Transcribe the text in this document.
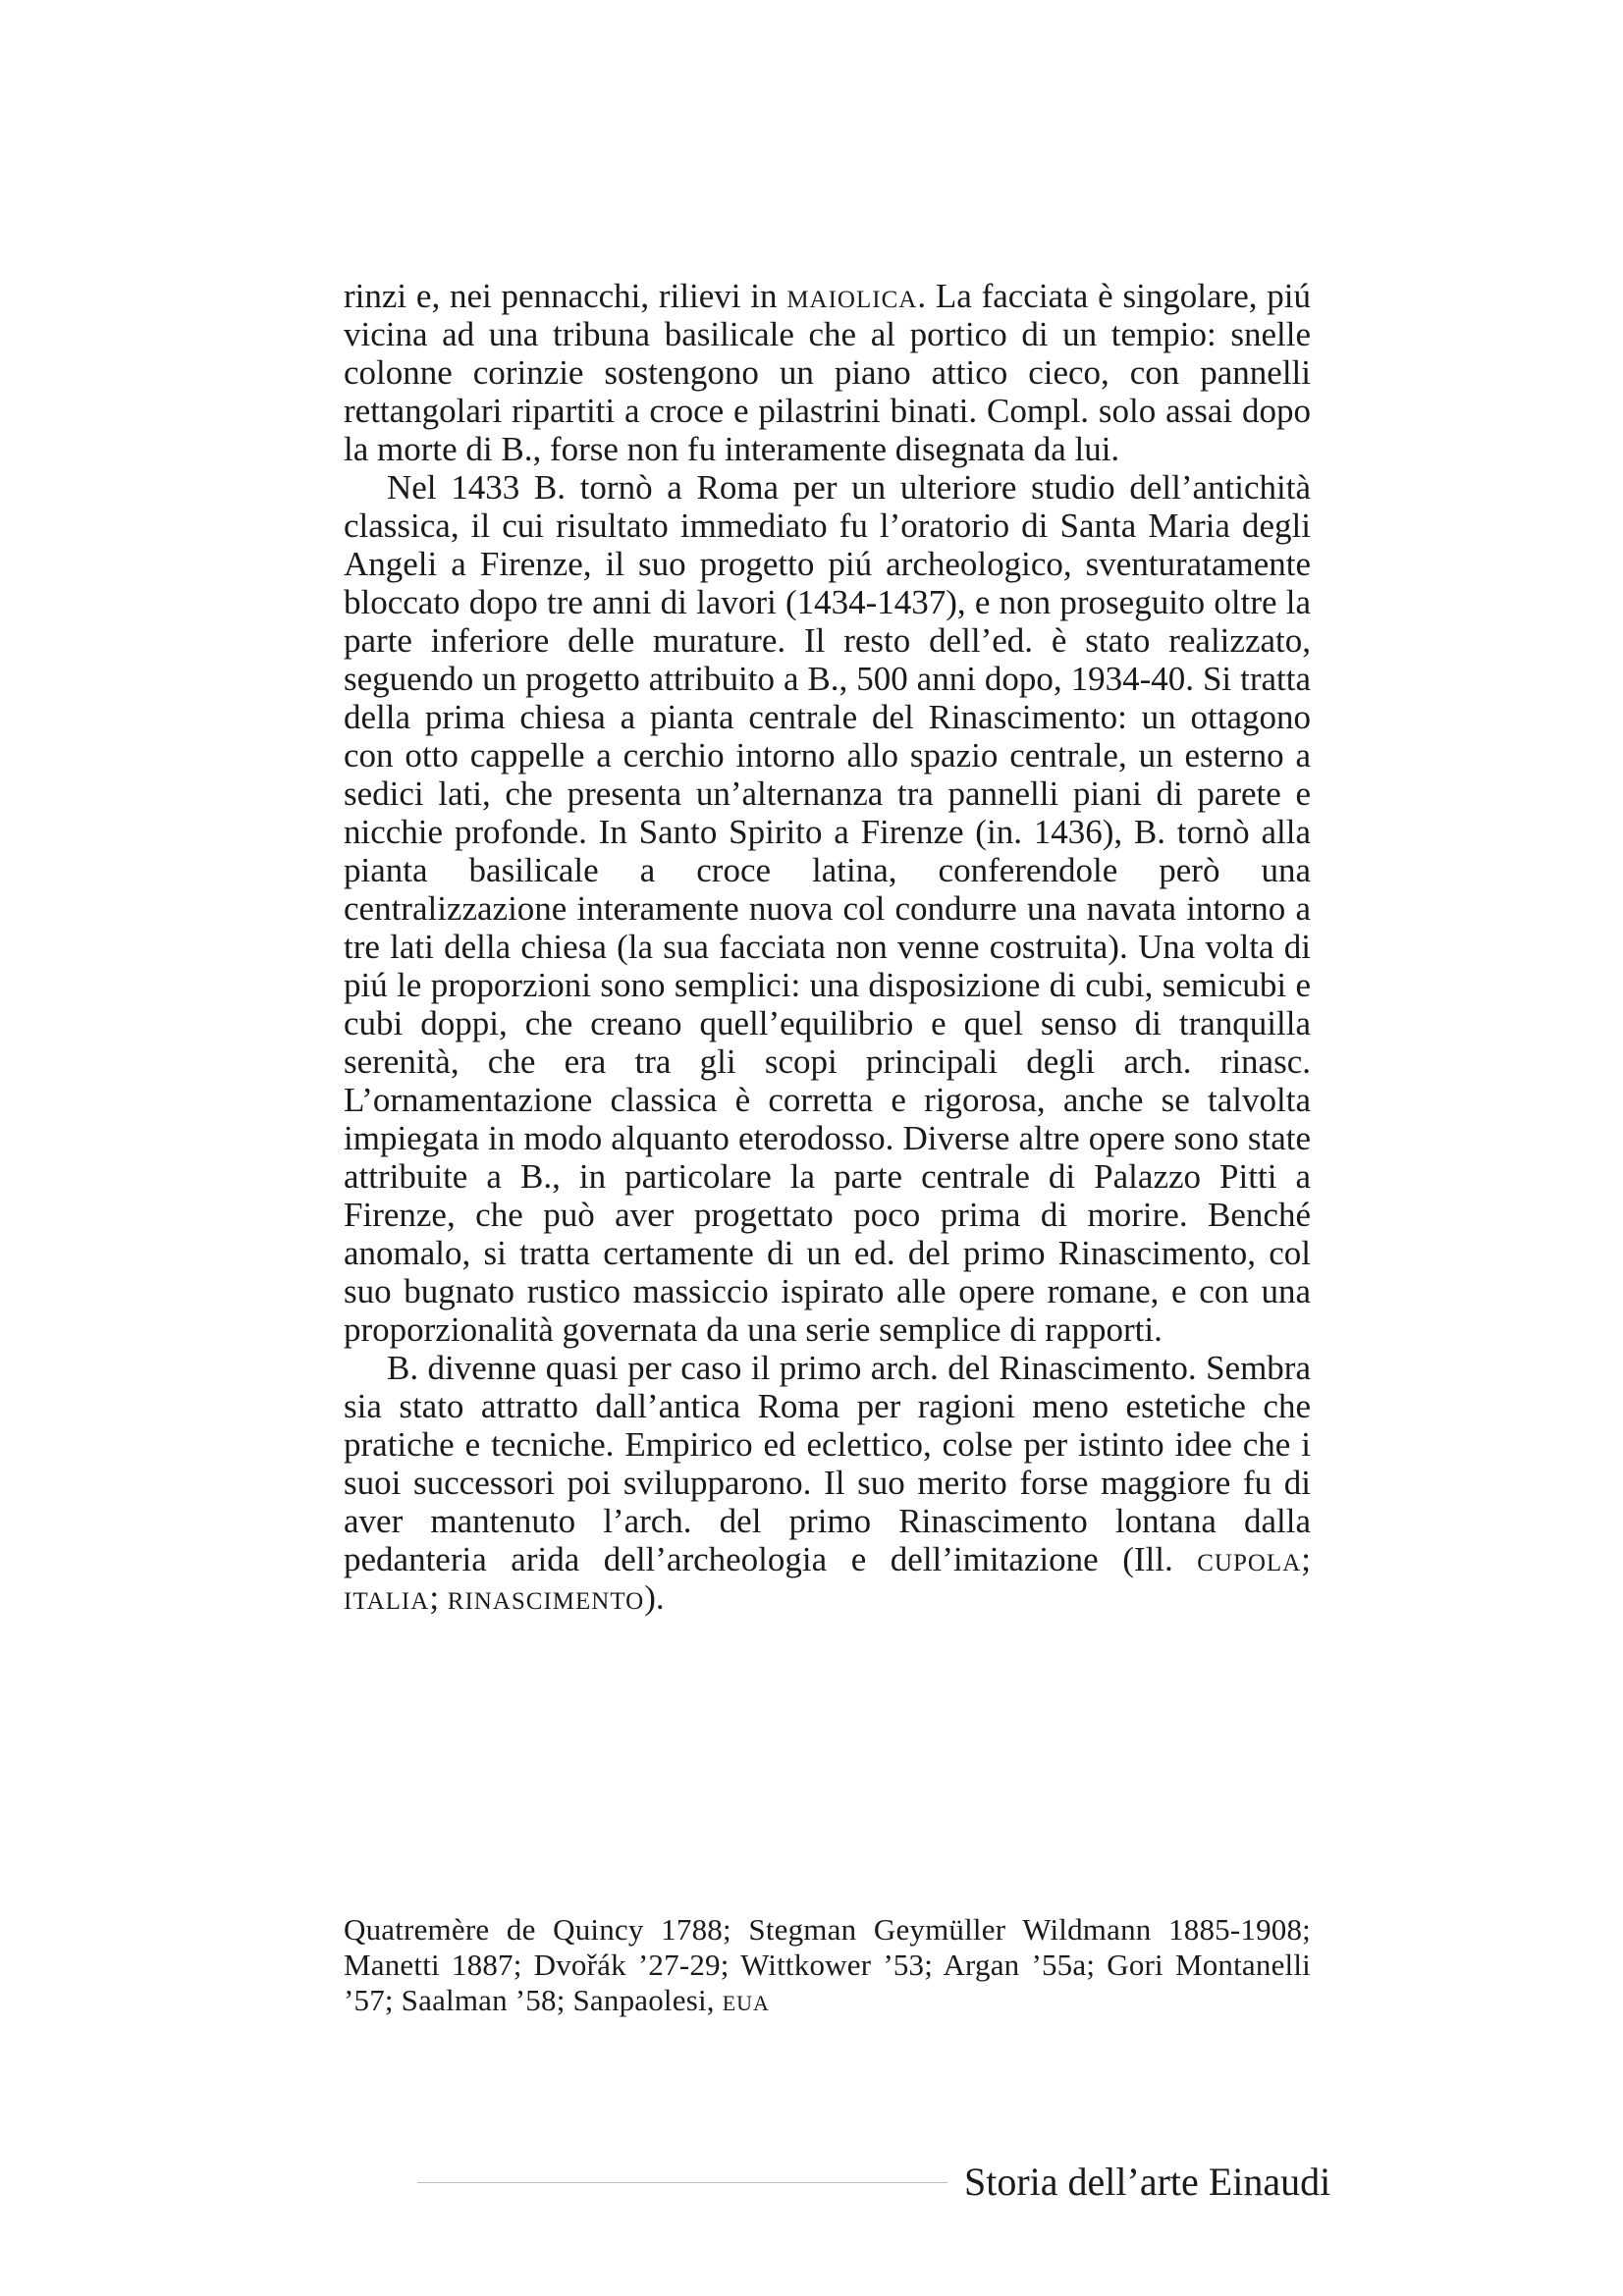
rinzi e, nei pennacchi, rilievi in maiolica. La facciata è singolare, piú vicina ad una tribuna basilicale che al portico di un tempio: snelle colonne corinzie sostengono un piano attico cieco, con pannelli rettangolari ripartiti a croce e pilastrini binati. Compl. solo assai dopo la morte di B., forse non fu interamente disegnata da lui.

Nel 1433 B. tornò a Roma per un ulteriore studio dell’antichità classica, il cui risultato immediato fu l’oratorio di Santa Maria degli Angeli a Firenze, il suo progetto piú archeologico, sventuratamente bloccato dopo tre anni di lavori (1434-1437), e non proseguito oltre la parte inferiore delle murature. Il resto dell’ed. è stato realizzato, seguendo un progetto attribuito a B., 500 anni dopo, 1934-40. Si tratta della prima chiesa a pianta centrale del Rinascimento: un ottagono con otto cappelle a cerchio intorno allo spazio centrale, un esterno a sedici lati, che presenta un’alternanza tra pannelli piani di parete e nicchie profonde. In Santo Spirito a Firenze (in. 1436), B. tornò alla pianta basilicale a croce latina, conferendole però una centralizzazione interamente nuova col condurre una navata intorno a tre lati della chiesa (la sua facciata non venne costruita). Una volta di piú le proporzioni sono semplici: una disposizione di cubi, semicubi e cubi doppi, che creano quell’equilibrio e quel senso di tranquilla serenità, che era tra gli scopi principali degli arch. rinasc. L’ornamentazione classica è corretta e rigorosa, anche se talvolta impiegata in modo alquanto eterodosso. Diverse altre opere sono state attribuite a B., in particolare la parte centrale di Palazzo Pitti a Firenze, che può aver progettato poco prima di morire. Benché anomalo, si tratta certamente di un ed. del primo Rinascimento, col suo bugnato rustico massiccio ispirato alle opere romane, e con una proporzionalità governata da una serie semplice di rapporti.

B. divenne quasi per caso il primo arch. del Rinascimento. Sembra sia stato attratto dall’antica Roma per ragioni meno estetiche che pratiche e tecniche. Empirico ed eclettico, colse per istinto idee che i suoi successori poi svilupparono. Il suo merito forse maggiore fu di aver mantenuto l’arch. del primo Rinascimento lontana dalla pedanteria arida dell’archeologia e dell’imitazione (Ill. cupola; italia; rinascimento).

Quatremère de Quincy 1788; Stegman Geymüller Wildmann 1885-1908; Manetti 1887; Dvořák ’27-29; Wittkower ’53; Argan ’55a; Gori Montanelli ’57; Saalman ’58; Sanpaolesi, eua
Storia dell’arte Einaudi
